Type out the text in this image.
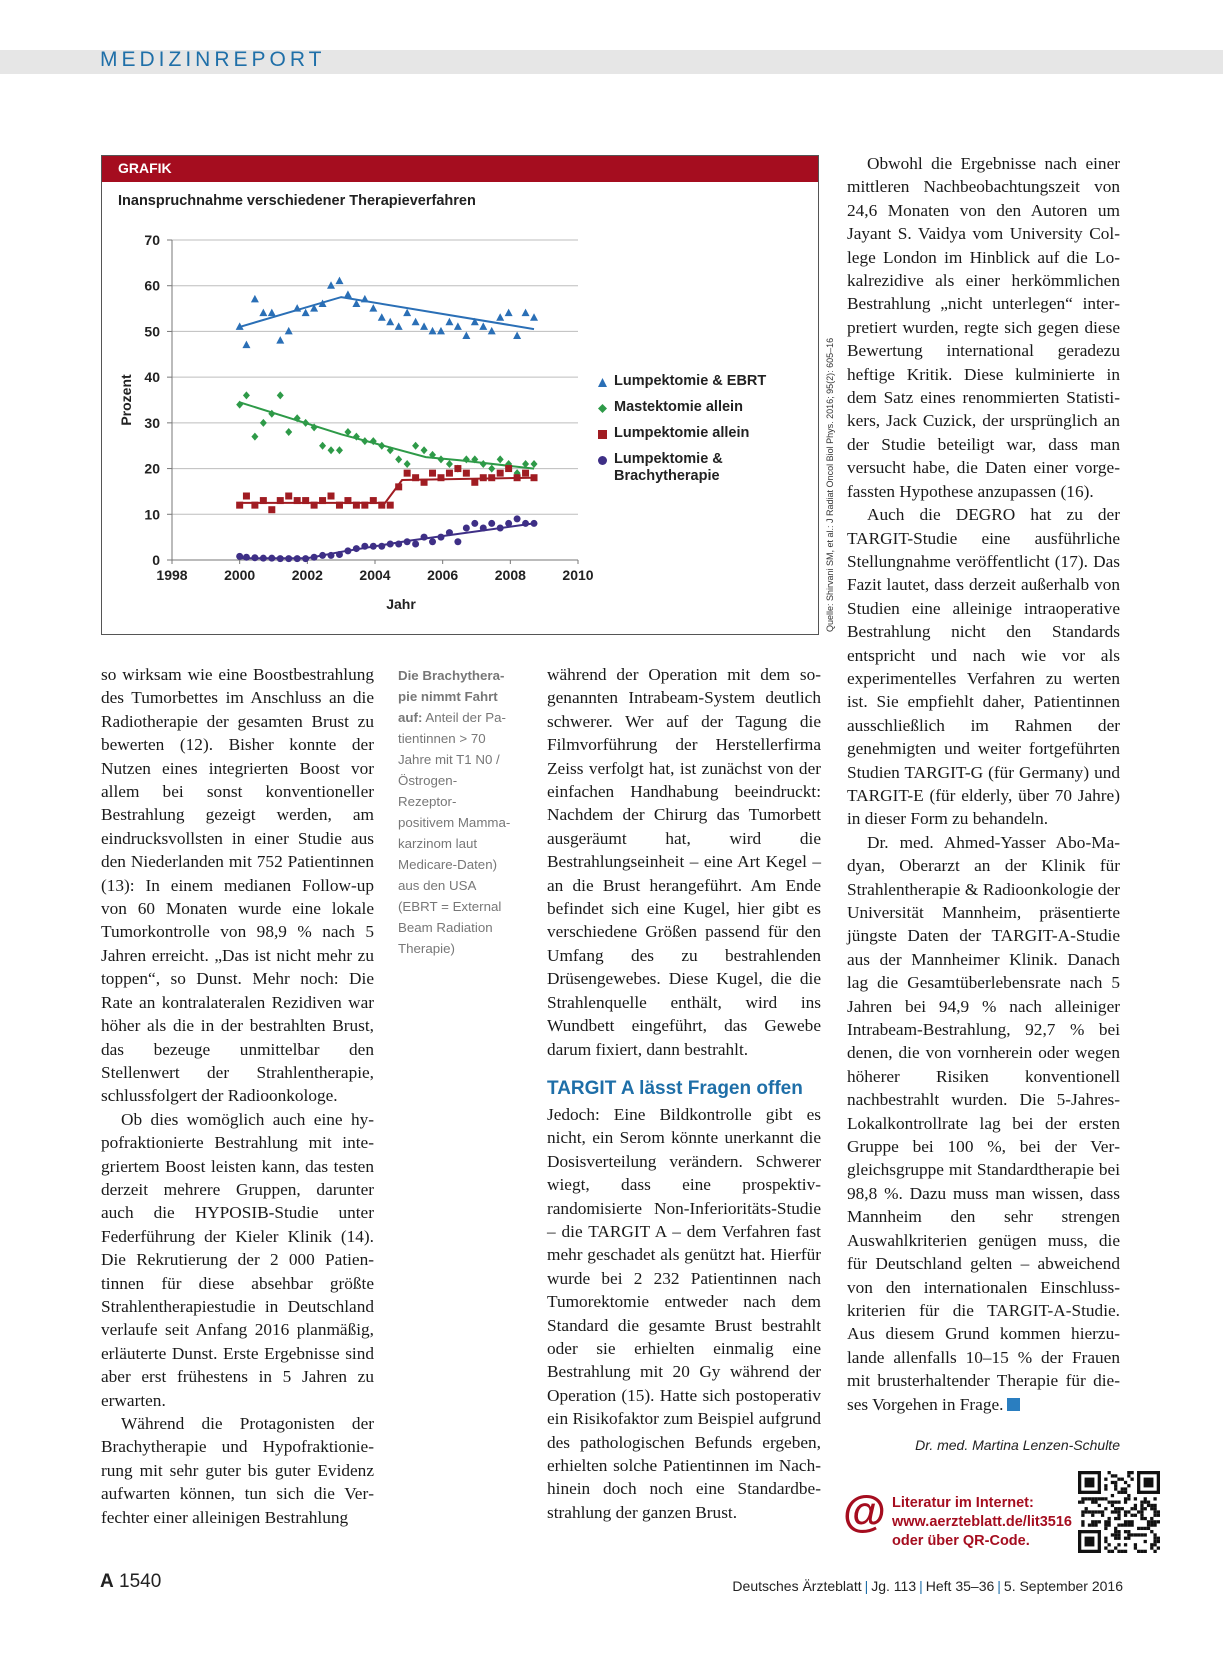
MEDIZINREPORT
GRAFIK
Inanspruchnahme verschiedener Therapieverfahren
0
10
20
30
40
50
60
70
1998	2000	2002	2004	2006	2008	2010
Jahr
Prozent	Lumpektomie & EBRT
Mastektomie allein
Lumpektomie allein
Lumpektomie & Brachytherapie	Quelle: Shirvani SM, et al.: J Radiat Oncol Biol Phys. 2016; 95(2): 605–16

so wirksam wie eine Boostbestrahlung des Tumorbettes im Anschluss an die Radiotherapie der gesamten Brust zu bewerten (12). Bisher konnte der Nutzen eines integrierten Boost vor allem bei sonst konventioneller Bestrahlung gezeigt werden, am eindrucksvollsten in einer Studie aus den Niederlanden mit 752 Patientinnen (13): In einem medianen Follow-up von 60 Monaten wurde eine lokale Tumorkontrolle von 98,9 % nach 5 Jahren erreicht. „Das ist nicht mehr zu toppen“, so Dunst. Mehr noch: Die Rate an kontralateralen Rezidiven war höher als die in der bestrahlten Brust, das bezeuge unmittelbar den Stellenwert der Strahlentherapie, schlussfolgert der Radioonkologe.

Ob dies womöglich auch eine hypofraktionierte Bestrahlung mit integriertem Boost leisten kann, das testen derzeit mehrere Gruppen, darunter auch die HYPOSIB-Studie unter Federführung der Kieler Klinik (14). Die Rekrutierung der 2 000 Patientinnen für diese absehbar größte Strahlentherapiestudie in Deutschland verlaufe seit Anfang 2016 planmäßig, erläuterte Dunst. Erste Ergebnisse sind aber erst frühestens in 5 Jahren zu erwarten.

Während die Protagonisten der Brachytherapie und Hypofraktionierung mit sehr guter bis guter Evidenz aufwarten können, tun sich die Verfechter einer alleinigen Bestrahlung

Die Brachytherapie nimmt Fahrt auf: Anteil der Patientinnen > 70 Jahre mit T1 N0 / Östrogen-Rezeptor-positivem Mammakarzinom laut Medicare-Daten) aus den USA (EBRT = External Beam Radiation Therapie)

während der Operation mit dem sogenannten Intrabeam-System deutlich schwerer. Wer auf der Tagung die Filmvorführung der Herstellerfirma Zeiss verfolgt hat, ist zunächst von der einfachen Handhabung beeindruckt: Nachdem der Chirurg das Tumorbett ausgeräumt hat, wird die Bestrahlungseinheit – eine Art Kegel – an die Brust herangeführt. Am Ende befindet sich eine Kugel, hier gibt es verschiedene Größen passend für den Umfang des zu bestrahlenden Drüsengewebes. Diese Kugel, die die Strahlenquelle enthält, wird ins Wundbett eingeführt, das Gewebe darum fixiert, dann bestrahlt.

TARGIT A lässt Fragen offen

Jedoch: Eine Bildkontrolle gibt es nicht, ein Serom könnte unerkannt die Dosisverteilung verändern. Schwerer wiegt, dass eine prospektiv-randomisierte Non-Inferioritäts-Studie – die TARGIT A – dem Verfahren fast mehr geschadet als genützt hat. Hierfür wurde bei 2 232 Patientinnen nach Tumorektomie entweder nach dem Standard die gesamte Brust bestrahlt oder sie erhielten einmalig eine Bestrahlung mit 20 Gy während der Operation (15). Hatte sich postoperativ ein Risikofaktor zum Beispiel aufgrund des pathologischen Befunds ergeben, erhielten solche Patientinnen im Nachhinein doch noch eine Standardbestrahlung der ganzen Brust.

Obwohl die Ergebnisse nach einer mittleren Nachbeobachtungszeit von 24,6 Monaten von den Autoren um Jayant S. Vaidya vom University College London im Hinblick auf die Lokalrezidive als einer herkömmlichen Bestrahlung „nicht unterlegen“ interpretiert wurden, regte sich gegen diese Bewertung international geradezu heftige Kritik. Diese kulminierte in dem Satz eines renommierten Statistikers, Jack Cuzick, der ursprünglich an der Studie beteiligt war, dass man versucht habe, die Daten einer vorgefassten Hypothese anzupassen (16).

Auch die DEGRO hat zu der TARGIT-Studie eine ausführliche Stellungnahme veröffentlicht (17). Das Fazit lautet, dass derzeit außerhalb von Studien eine alleinige intraoperative Bestrahlung nicht den Standards entspricht und nach wie vor als experimentelles Verfahren zu werten ist. Sie empfiehlt daher, Patientinnen ausschließlich im Rahmen der genehmigten und weiter fortgeführten Studien TARGIT-G (für Germany) und TARGIT-E (für elderly, über 70 Jahre) in dieser Form zu behandeln.

Dr. med. Ahmed-Yasser Abo-Madyan, Oberarzt an der Klinik für Strahlentherapie & Radioonkologie der Universität Mannheim, präsentierte jüngste Daten der TARGIT-A-Studie aus der Mannheimer Klinik. Danach lag die Gesamtüberlebensrate nach 5 Jahren bei 94,9 % nach alleiniger Intrabeam-Bestrahlung, 92,7 % bei denen, die von vornherein oder wegen höherer Risiken konventionell nachbestrahlt wurden. Die 5-Jahres-Lokalkontrollrate lag bei der ersten Gruppe bei 100 %, bei der Vergleichsgruppe mit Standardtherapie bei 98,8 %. Dazu muss man wissen, dass Mannheim den sehr strengen Auswahlkriterien genügen muss, die für Deutschland gelten – abweichend von den internationalen Einschlusskriterien für die TARGIT-A-Studie. Aus diesem Grund kommen hierzulande allenfalls 10–15 % der Frauen mit brusterhaltender Therapie für dieses Vorgehen in Frage.

Dr. med. Martina Lenzen-Schulte
@ Literatur im Internet:
www.aerzteblatt.de/lit3516
oder über QR-Code.
A 1540	Deutsches Ärzteblatt | Jg. 113 | Heft 35–36 | 5. September 2016
